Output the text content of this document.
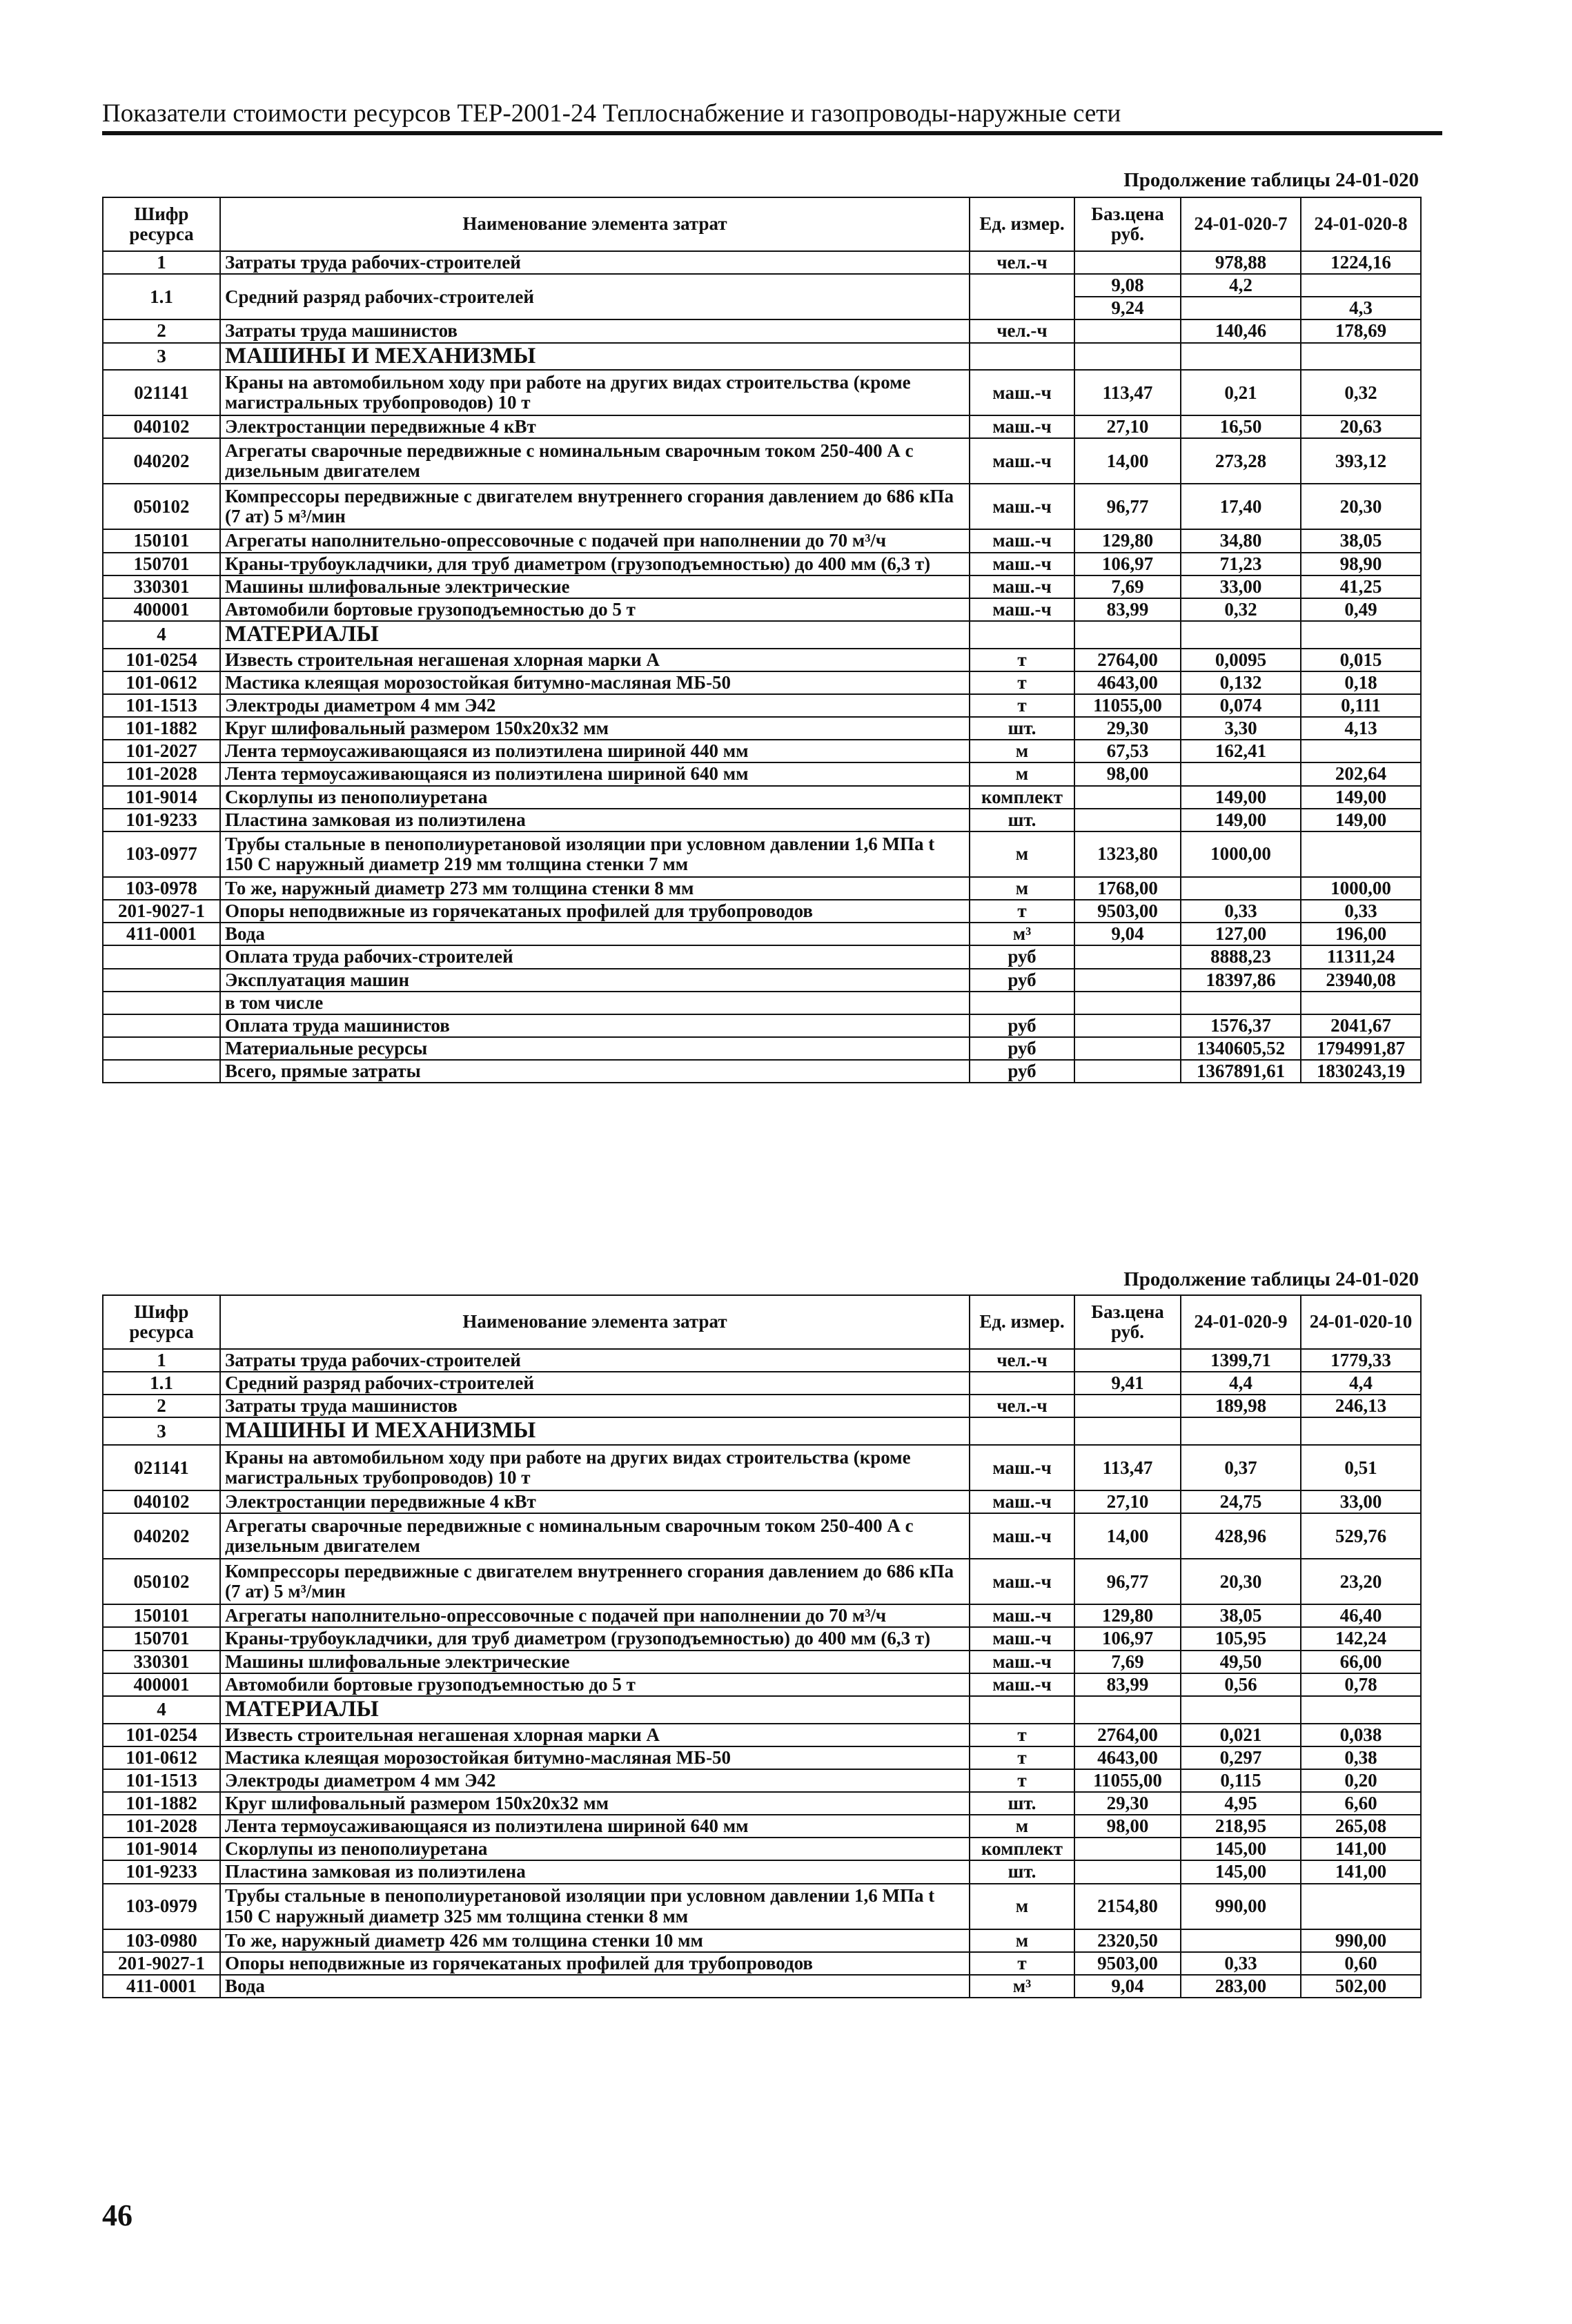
Показатели стоимости ресурсов ТЕР-2001-24 Теплоснабжение и газопроводы-наружные сети
Продолжение таблицы 24-01-020
Шифр ресурса	Наименование элемента затрат	Ед. измер.	Баз.цена руб.	24-01-020-7	24-01-020-8
1	Затраты труда рабочих-строителей	чел.-ч		978,88	1224,16
1.1	Средний разряд рабочих-строителей		9,08	4,2	
			9,24		4,3
2	Затраты труда машинистов	чел.-ч		140,46	178,69
3	МАШИНЫ И МЕХАНИЗМЫ				
021141	Краны на автомобильном ходу при работе на других видах строительства (кроме магистральных трубопроводов) 10 т	маш.-ч	113,47	0,21	0,32
040102	Электростанции передвижные 4 кВт	маш.-ч	27,10	16,50	20,63
040202	Агрегаты сварочные передвижные с номинальным сварочным током 250-400 А с дизельным двигателем	маш.-ч	14,00	273,28	393,12
050102	Компрессоры передвижные с двигателем внутреннего сгорания давлением до 686 кПа (7 ат) 5 м³/мин	маш.-ч	96,77	17,40	20,30
150101	Агрегаты наполнительно-опрессовочные с подачей при наполнении до 70 м³/ч	маш.-ч	129,80	34,80	38,05
150701	Краны-трубоукладчики, для труб диаметром (грузоподъемностью) до 400 мм (6,3 т)	маш.-ч	106,97	71,23	98,90
330301	Машины шлифовальные электрические	маш.-ч	7,69	33,00	41,25
400001	Автомобили бортовые грузоподъемностью до 5 т	маш.-ч	83,99	0,32	0,49
4	МАТЕРИАЛЫ				
101-0254	Известь строительная негашеная хлорная марки А	т	2764,00	0,0095	0,015
101-0612	Мастика клеящая морозостойкая битумно-масляная МБ-50	т	4643,00	0,132	0,18
101-1513	Электроды диаметром 4 мм Э42	т	11055,00	0,074	0,111
101-1882	Круг шлифовальный размером 150х20х32 мм	шт.	29,30	3,30	4,13
101-2027	Лента термоусаживающаяся из полиэтилена шириной 440 мм	м	67,53	162,41	
101-2028	Лента термоусаживающаяся из полиэтилена шириной 640 мм	м	98,00		202,64
101-9014	Скорлупы из пенополиуретана	комплект		149,00	149,00
101-9233	Пластина замковая из полиэтилена	шт.		149,00	149,00
103-0977	Трубы стальные в пенополиуретановой изоляции при условном давлении 1,6 МПа t 150 С наружный диаметр 219 мм толщина стенки 7 мм	м	1323,80	1000,00	
103-0978	То же, наружный диаметр 273 мм толщина стенки 8 мм	м	1768,00		1000,00
201-9027-1	Опоры неподвижные из горячекатаных профилей для трубопроводов	т	9503,00	0,33	0,33
411-0001	Вода	м³	9,04	127,00	196,00
	Оплата труда рабочих-строителей	руб		8888,23	11311,24
	Эксплуатация машин	руб		18397,86	23940,08
	в том числе				
	Оплата труда машинистов	руб		1576,37	2041,67
	Материальные ресурсы	руб		1340605,52	1794991,87
	Всего, прямые затраты	руб		1367891,61	1830243,19
Продолжение таблицы 24-01-020
Шифр ресурса	Наименование элемента затрат	Ед. измер.	Баз.цена руб.	24-01-020-9	24-01-020-10
1	Затраты труда рабочих-строителей	чел.-ч		1399,71	1779,33
1.1	Средний разряд рабочих-строителей		9,41	4,4	4,4
2	Затраты труда машинистов	чел.-ч		189,98	246,13
3	МАШИНЫ И МЕХАНИЗМЫ				
021141	Краны на автомобильном ходу при работе на других видах строительства (кроме магистральных трубопроводов) 10 т	маш.-ч	113,47	0,37	0,51
040102	Электростанции передвижные 4 кВт	маш.-ч	27,10	24,75	33,00
040202	Агрегаты сварочные передвижные с номинальным сварочным током 250-400 А с дизельным двигателем	маш.-ч	14,00	428,96	529,76
050102	Компрессоры передвижные с двигателем внутреннего сгорания давлением до 686 кПа (7 ат) 5 м³/мин	маш.-ч	96,77	20,30	23,20
150101	Агрегаты наполнительно-опрессовочные с подачей при наполнении до 70 м³/ч	маш.-ч	129,80	38,05	46,40
150701	Краны-трубоукладчики, для труб диаметром (грузоподъемностью) до 400 мм (6,3 т)	маш.-ч	106,97	105,95	142,24
330301	Машины шлифовальные электрические	маш.-ч	7,69	49,50	66,00
400001	Автомобили бортовые грузоподъемностью до 5 т	маш.-ч	83,99	0,56	0,78
4	МАТЕРИАЛЫ				
101-0254	Известь строительная негашеная хлорная марки А	т	2764,00	0,021	0,038
101-0612	Мастика клеящая морозостойкая битумно-масляная МБ-50	т	4643,00	0,297	0,38
101-1513	Электроды диаметром 4 мм Э42	т	11055,00	0,115	0,20
101-1882	Круг шлифовальный размером 150х20х32 мм	шт.	29,30	4,95	6,60
101-2028	Лента термоусаживающаяся из полиэтилена шириной 640 мм	м	98,00	218,95	265,08
101-9014	Скорлупы из пенополиуретана	комплект		145,00	141,00
101-9233	Пластина замковая из полиэтилена	шт.		145,00	141,00
103-0979	Трубы стальные в пенополиуретановой изоляции при условном давлении 1,6 МПа t 150 С наружный диаметр 325 мм толщина стенки 8 мм	м	2154,80	990,00	
103-0980	То же, наружный диаметр 426 мм толщина стенки 10 мм	м	2320,50		990,00
201-9027-1	Опоры неподвижные из горячекатаных профилей для трубопроводов	т	9503,00	0,33	0,60
411-0001	Вода	м³	9,04	283,00	502,00
46
